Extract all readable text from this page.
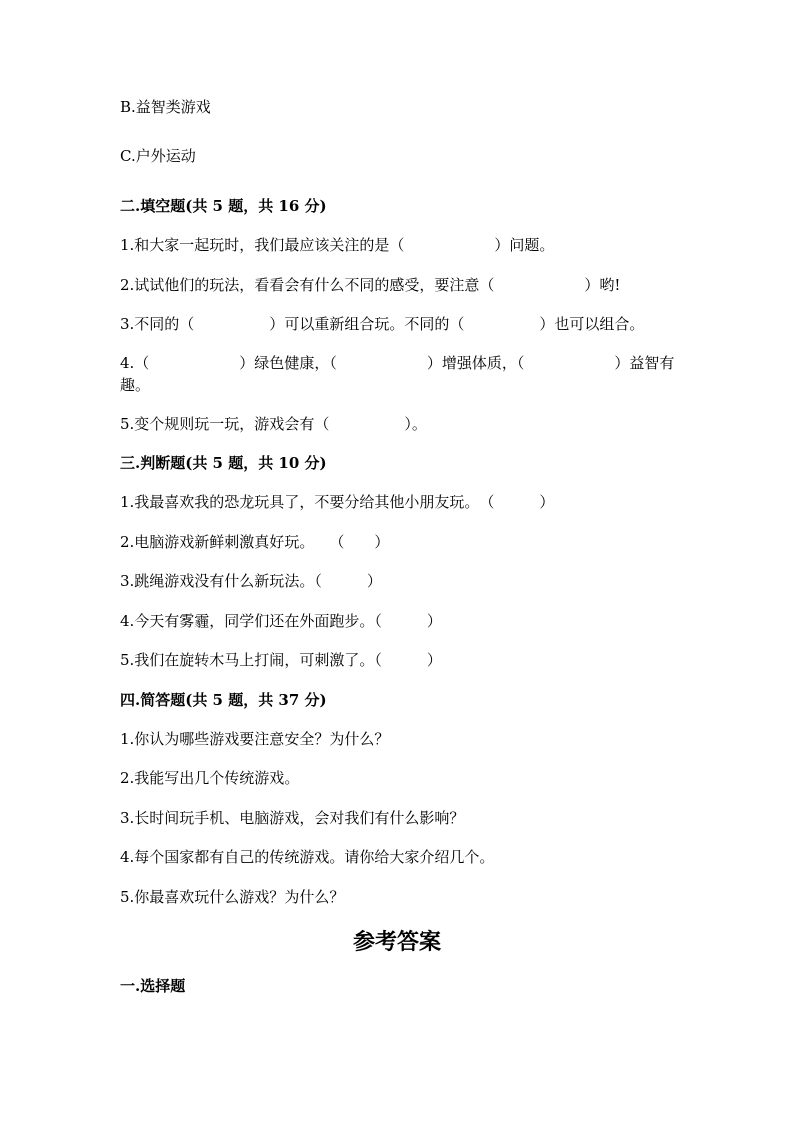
B.益智类游戏
C.户外运动
二.填空题(共 5 题，共 16 分)
1.和大家一起玩时，我们最应该关注的是（　　　　　　）问题。
2.试试他们的玩法，看看会有什么不同的感受，要注意（　　　　　　）哟!
3.不同的（　　　　　）可以重新组合玩。不同的（　　　　　）也可以组合。
4.（　　　　　　）绿色健康，（　　　　　　）增强体质，（　　　　　　）益智有趣。
5.变个规则玩一玩，游戏会有（　　　　　）。
三.判断题(共 5 题，共 10 分)
1.我最喜欢我的恐龙玩具了，不要分给其他小朋友玩。　（　　　）
2.电脑游戏新鲜刺激真好玩。　　（　　）
3.跳绳游戏没有什么新玩法。（　　　）
4.今天有雾霾，同学们还在外面跑步。（　　　）
5.我们在旋转木马上打闹，可刺激了。（　　　）
四.简答题(共 5 题，共 37 分)
1.你认为哪些游戏要注意安全？为什么？
2.我能写出几个传统游戏。
3.长时间玩手机、电脑游戏，会对我们有什么影响？
4.每个国家都有自己的传统游戏。请你给大家介绍几个。
5.你最喜欢玩什么游戏？为什么？
参考答案
一.选择题
